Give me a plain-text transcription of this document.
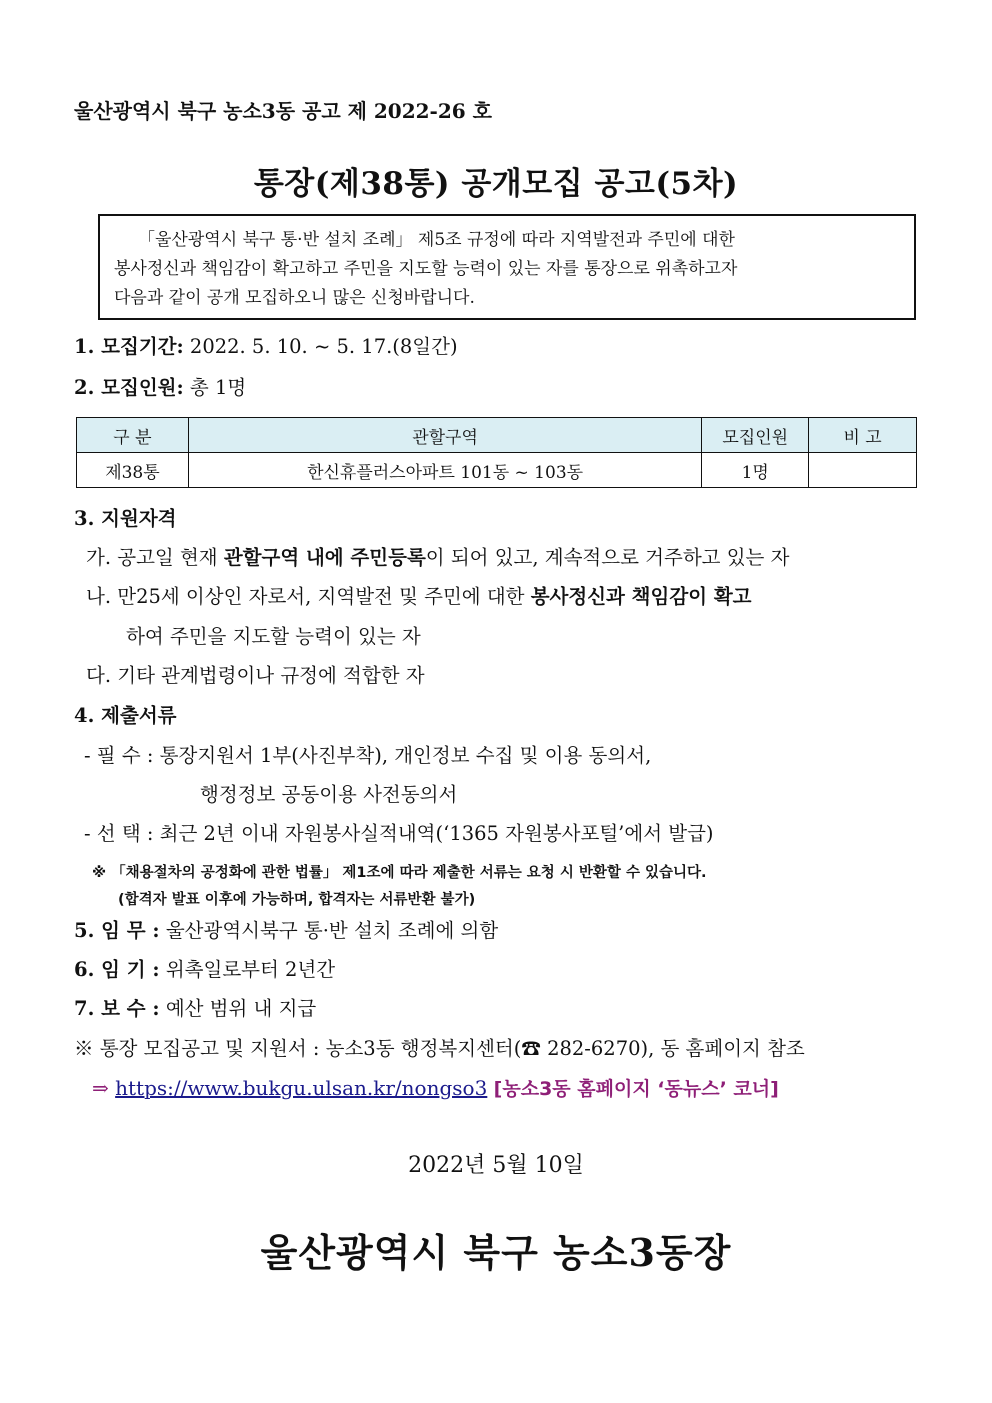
울산광역시 북구 농소3동 공고 제 2022-26 호
통장(제38통) 공개모집 공고(5차)
「울산광역시 북구 통·반 설치 조례」 제5조 규정에 따라 지역발전과 주민에 대한
봉사정신과 책임감이 확고하고 주민을 지도할 능력이 있는 자를 통장으로 위촉하고자
다음과 같이 공개 모집하오니 많은 신청바랍니다.
1. 모집기간: 2022. 5. 10. ~ 5. 17.(8일간)
2. 모집인원: 총 1명
구 분	관할구역	모집인원	비 고
제38통	한신휴플러스아파트 101동 ~ 103동	1명	
3. 지원자격
가. 공고일 현재 관할구역 내에 주민등록이 되어 있고, 계속적으로 거주하고 있는 자
나. 만25세 이상인 자로서, 지역발전 및 주민에 대한 봉사정신과 책임감이 확고
하여 주민을 지도할 능력이 있는 자
다. 기타 관계법령이나 규정에 적합한 자
4. 제출서류
- 필 수 : 통장지원서 1부(사진부착), 개인정보 수집 및 이용 동의서,
행정정보 공동이용 사전동의서
- 선 택 : 최근 2년 이내 자원봉사실적내역(‘1365 자원봉사포털’에서 발급)
※ 「채용절차의 공정화에 관한 법률」 제1조에 따라 제출한 서류는 요청 시 반환할 수 있습니다.
(합격자 발표 이후에 가능하며, 합격자는 서류반환 불가)
5. 임 무 : 울산광역시북구 통·반 설치 조례에 의함
6. 임 기 : 위촉일로부터 2년간
7. 보 수 : 예산 범위 내 지급
※ 통장 모집공고 및 지원서 : 농소3동 행정복지센터(☎ 282-6270), 동 홈페이지 참조
⇒ https://www.bukgu.ulsan.kr/nongso3 [농소3동 홈페이지 ‘동뉴스’ 코너]
2022년 5월 10일
울산광역시 북구 농소3동장
